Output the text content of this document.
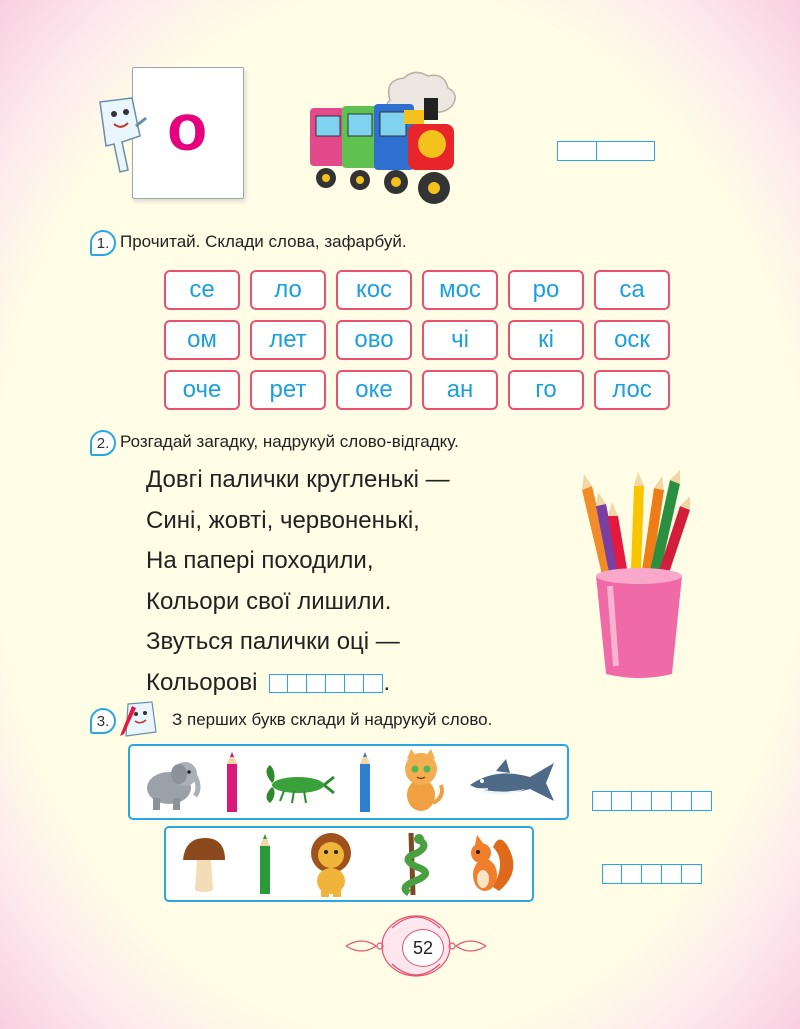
о
1. Прочитай. Склади слова, зафарбуй.
се	ло	кос	мос	ро	са
ом	лет	ово	чі	кі	оск
оче	рет	оке	ан	го	лос
2. Розгадай загадку, надрукуй слово-відгадку.
Довгі палички кругленькі —
Сині, жовті, червоненькі,
На папері походили,
Кольори свої лишили.
Звуться палички оці —
Кольорові	.
3.	З перших букв склади й надрукуй слово.
52
